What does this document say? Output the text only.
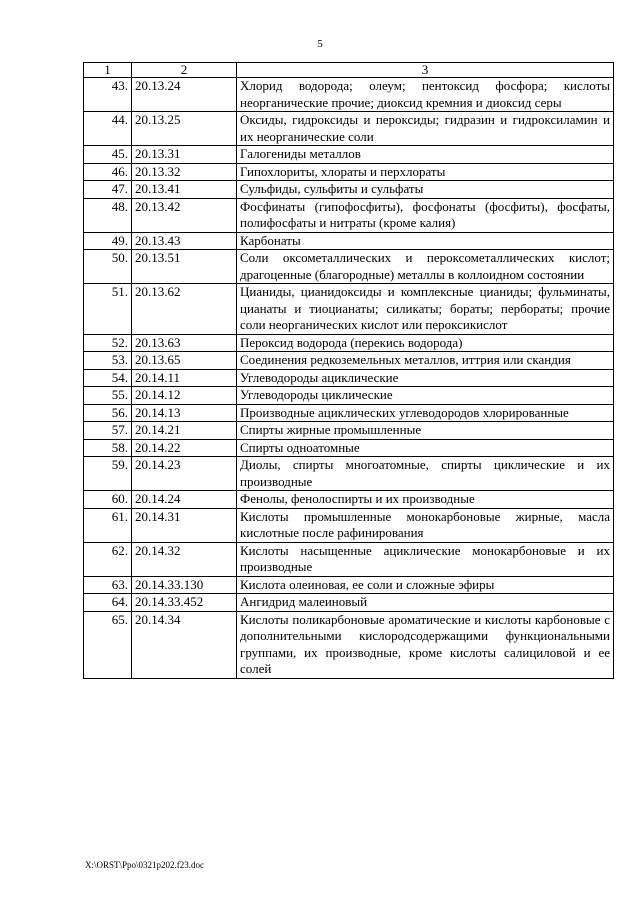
5
1	2	3
43.	20.13.24	Хлорид водорода; олеум; пентоксид фосфора; кислоты неорганические прочие; диоксид кремния и диоксид серы
44.	20.13.25	Оксиды, гидроксиды и пероксиды; гидразин и гидроксиламин и их неорганические соли
45.	20.13.31	Галогениды металлов
46.	20.13.32	Гипохлориты, хлораты и перхлораты
47.	20.13.41	Сульфиды, сульфиты и сульфаты
48.	20.13.42	Фосфинаты (гипофосфиты), фосфонаты (фосфиты), фосфаты, полифосфаты и нитраты (кроме калия)
49.	20.13.43	Карбонаты
50.	20.13.51	Соли оксометаллических и пероксометаллических кислот; драгоценные (благородные) металлы в коллоидном состоянии
51.	20.13.62	Цианиды, цианидоксиды и комплексные цианиды; фульминаты, цианаты и тиоцианаты; силикаты; бораты; пербораты; прочие соли неорганических кислот или пероксикислот
52.	20.13.63	Пероксид водорода (перекись водорода)
53.	20.13.65	Соединения редкоземельных металлов, иттрия или скандия
54.	20.14.11	Углеводороды ациклические
55.	20.14.12	Углеводороды циклические
56.	20.14.13	Производные ациклических углеводородов хлорированные
57.	20.14.21	Спирты жирные промышленные
58.	20.14.22	Спирты одноатомные
59.	20.14.23	Диолы, спирты многоатомные, спирты циклические и их производные
60.	20.14.24	Фенолы, фенолоспирты и их производные
61.	20.14.31	Кислоты промышленные монокарбоновые жирные, масла кислотные после рафинирования
62.	20.14.32	Кислоты насыщенные ациклические монокарбоновые и их производные
63.	20.14.33.130	Кислота олеиновая, ее соли и сложные эфиры
64.	20.14.33.452	Ангидрид малеиновый
65.	20.14.34	Кислоты поликарбоновые ароматические и кислоты карбоновые с дополнительными кислородсодержащими функциональными группами, их производные, кроме кислоты салициловой и ее солей
X:\ORST\Ppo\0321p202.f23.doc
